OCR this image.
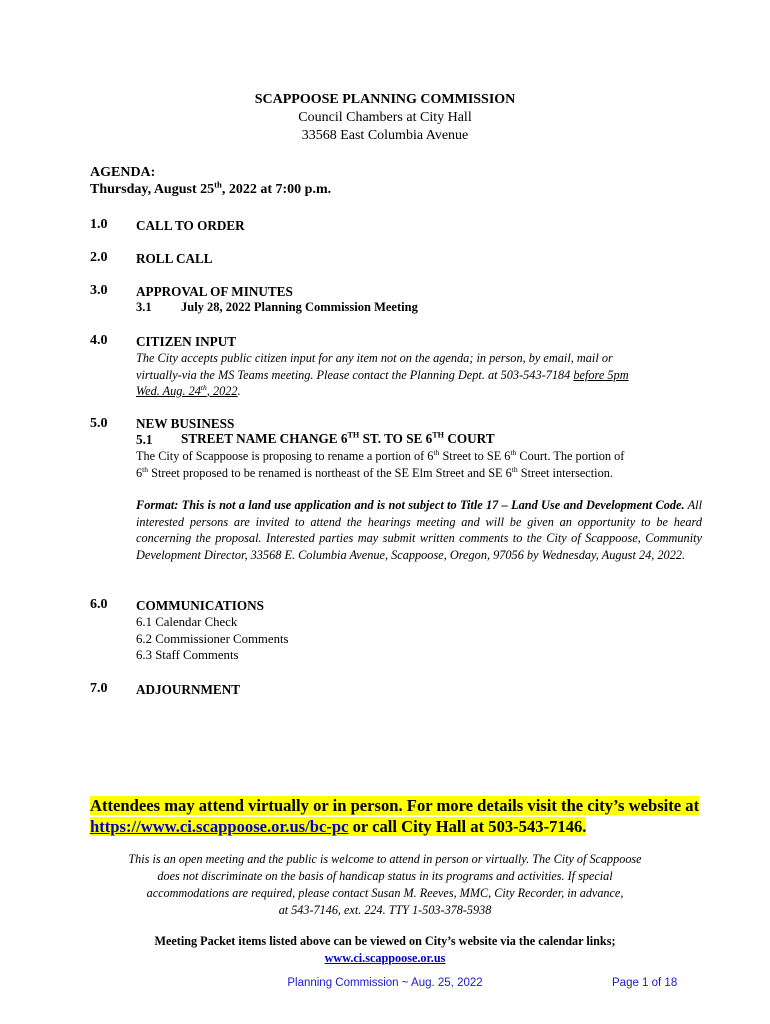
SCAPPOOSE PLANNING COMMISSION
Council Chambers at City Hall
33568 East Columbia Avenue
AGENDA:
Thursday, August 25th, 2022 at 7:00 p.m.
1.0 CALL TO ORDER
2.0 ROLL CALL
3.0 APPROVAL OF MINUTES
3.1 July 28, 2022 Planning Commission Meeting
4.0 CITIZEN INPUT
The City accepts public citizen input for any item not on the agenda; in person, by email, mail or
virtually-via the MS Teams meeting. Please contact the Planning Dept. at 503-543-7184 before 5pm
Wed. Aug. 24th, 2022.
5.0 NEW BUSINESS
5.1 STREET NAME CHANGE 6TH ST. TO SE 6TH COURT
The City of Scappoose is proposing to rename a portion of 6th Street to SE 6th Court. The portion of
6th Street proposed to be renamed is northeast of the SE Elm Street and SE 6th Street intersection.
Format: This is not a land use application and is not subject to Title 17 – Land Use and Development Code. All interested persons are invited to attend the hearings meeting and will be given an opportunity to be heard concerning the proposal. Interested parties may submit written comments to the City of Scappoose, Community Development Director, 33568 E. Columbia Avenue, Scappoose, Oregon, 97056 by Wednesday, August 24, 2022.
6.0 COMMUNICATIONS
6.1 Calendar Check
6.2 Commissioner Comments
6.3 Staff Comments
7.0 ADJOURNMENT
Attendees may attend virtually or in person. For more details visit the city’s website at
https://www.ci.scappoose.or.us/bc-pc or call City Hall at 503-543-7146.
This is an open meeting and the public is welcome to attend in person or virtually. The City of Scappoose
does not discriminate on the basis of handicap status in its programs and activities. If special
accommodations are required, please contact Susan M. Reeves, MMC, City Recorder, in advance,
at 543-7146, ext. 224. TTY 1-503-378-5938
Meeting Packet items listed above can be viewed on City’s website via the calendar links;
www.ci.scappoose.or.us
Planning Commission ~ Aug. 25, 2022	Page 1 of 18
